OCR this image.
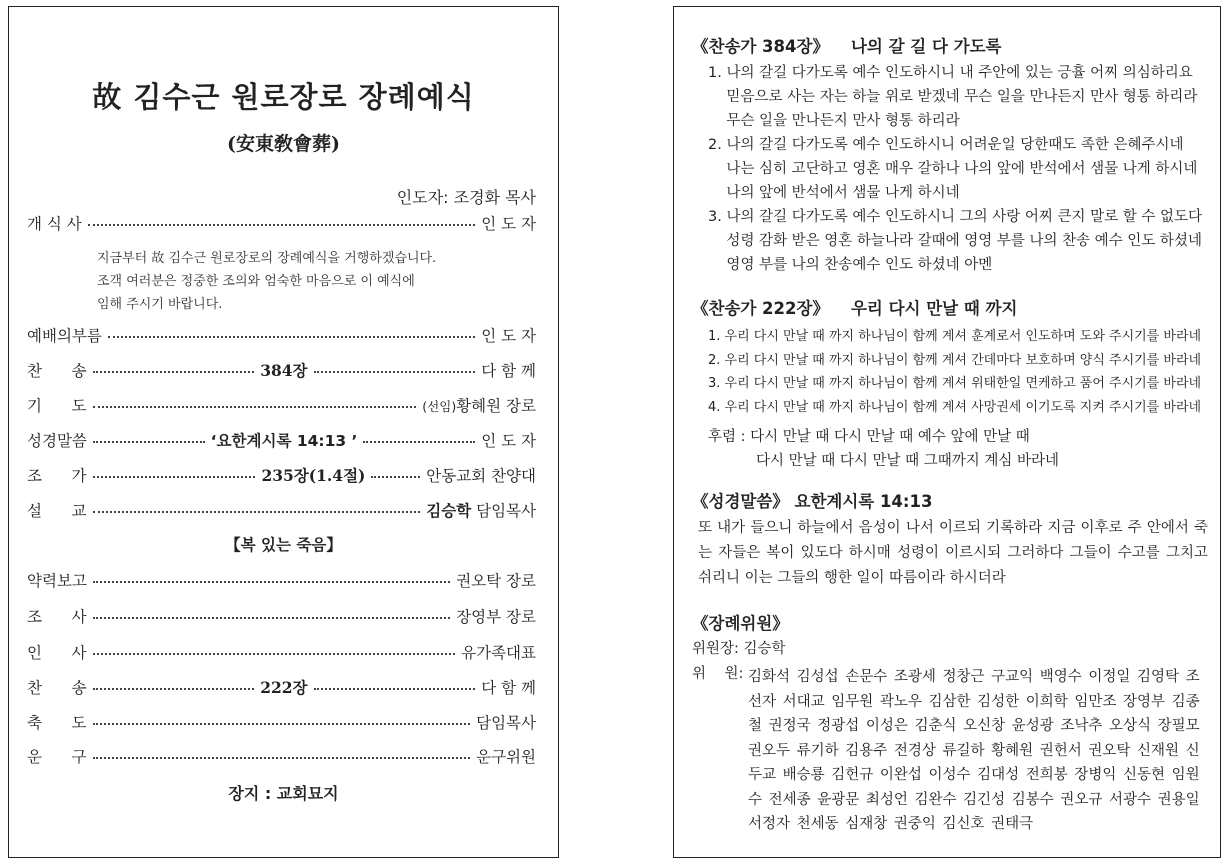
故 김수근 원로장로 장례예식
(安東敎會葬)
인도자: 조경화 목사
개 식 사	인 도 자
지금부터 故 김수근 원로장로의 장례예식을 거행하겠습니다.
조객 여러분은 정중한 조의와 엄숙한 마음으로 이 예식에
임해 주시기 바랍니다.
예배의부름	인 도 자
찬      송	384장	다 함 께
기      도	(선임)황혜원 장로
성경말씀	‘요한계시록 14:13 ’	인 도 자
조      가	235장(1.4절)	안동교회 찬양대
설      교	김승학 담임목사
【복 있는 죽음】
약력보고	권오탁 장로
조      사	장영부 장로
인      사	유가족대표
찬      송	222장	다 함 께
축      도	담임목사
운      구	운구위원
장지 : 교회묘지
《찬송가 384장》 나의 갈 길 다 가도록
1. 나의 갈길 다가도록 예수 인도하시니 내 주안에 있는 긍휼 어찌 의심하리요
믿음으로 사는 자는 하늘 위로 받겠네 무슨 일을 만나든지 만사 형통 하리라
무슨 일을 만나든지 만사 형통 하리라
2. 나의 갈길 다가도록 예수 인도하시니 어려운일 당한때도 족한 은혜주시네
나는 심히 고단하고 영혼 매우 갈하나 나의 앞에 반석에서 샘물 나게 하시네
나의 앞에 반석에서 샘물 나게 하시네
3. 나의 갈길 다가도록 예수 인도하시니 그의 사랑 어찌 큰지 말로 할 수 없도다
성령 감화 받은 영혼 하늘나라 갈때에 영영 부를 나의 찬송 예수 인도 하셨네
영영 부를 나의 찬송예수 인도 하셨네 아멘
《찬송가 222장》 우리 다시 만날 때 까지
1. 우리 다시 만날 때 까지 하나님이 함께 계셔 훈계로서 인도하며 도와 주시기를 바라네
2. 우리 다시 만날 때 까지 하나님이 함께 계셔 간데마다 보호하며 양식 주시기를 바라네
3. 우리 다시 만날 때 까지 하나님이 함께 계셔 위태한일 면케하고 품어 주시기를 바라네
4. 우리 다시 만날 때 까지 하나님이 함께 계셔 사망권세 이기도록 지켜 주시기를 바라네
후렴 : 다시 만날 때 다시 만날 때 예수 앞에 만날 때
다시 만날 때 다시 만날 때 그때까지 계심 바라네
《성경말씀》 요한계시록 14:13
또 내가 들으니 하늘에서 음성이 나서 이르되 기록하라 지금 이후로 주 안에서 죽는 자들은 복이 있도다 하시매 성령이 이르시되 그러하다 그들이 수고를 그치고 쉬리니 이는 그들의 행한 일이 따름이라 하시더라
《장례위원》
위원장: 김승학
위    원: 김화석 김성섭 손문수 조광세 정창근 구교익 백영수 이정일 김영탁 조선자 서대교 임무원 곽노우 김삼한 김성한 이희학 임만조 장영부 김종철 권정국 정광섭 이성은 김춘식 오신창 윤성광 조낙추 오상식 장필모 권오두 류기하 김용주 전경상 류길하 황혜원 권헌서 권오탁 신재원 신두교 배승룡 김헌규 이완섭 이성수 김대성 전희봉 장병익 신동현 임원수 전세종 윤광문 최성언 김완수 김긴성 김봉수 권오규 서광수 권용일 서정자 천세동 심재창 권중익 김신호 권태극
